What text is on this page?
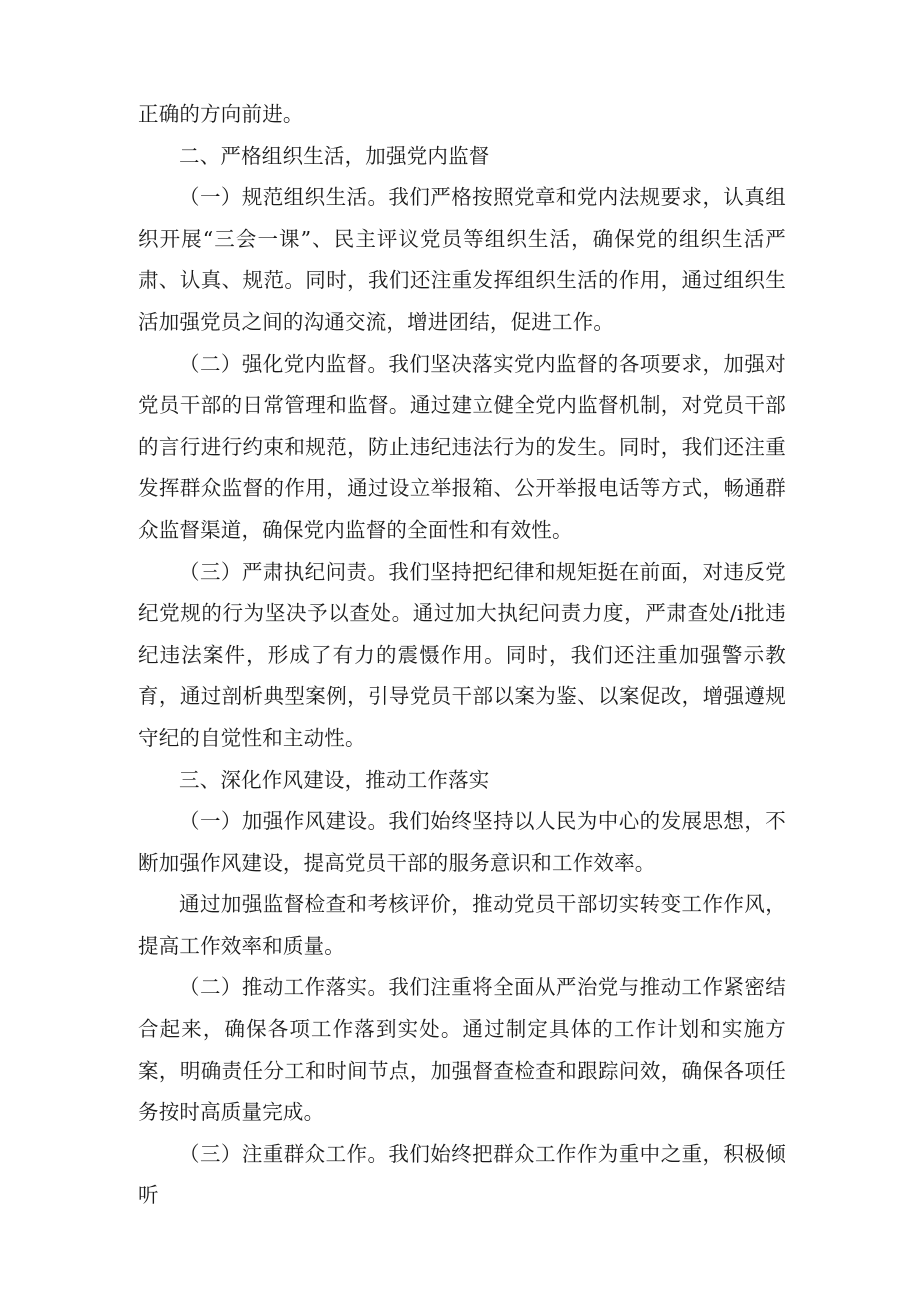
正确的方向前进。

二、严格组织生活，加强党内监督

（一）规范组织生活。我们严格按照党章和党内法规要求，认真组织开展“三会一课”、民主评议党员等组织生活，确保党的组织生活严肃、认真、规范。同时，我们还注重发挥组织生活的作用，通过组织生活加强党员之间的沟通交流，增进团结，促进工作。

（二）强化党内监督。我们坚决落实党内监督的各项要求，加强对党员干部的日常管理和监督。通过建立健全党内监督机制，对党员干部的言行进行约束和规范，防止违纪违法行为的发生。同时，我们还注重发挥群众监督的作用，通过设立举报箱、公开举报电话等方式，畅通群众监督渠道，确保党内监督的全面性和有效性。

（三）严肃执纪问责。我们坚持把纪律和规矩挺在前面，对违反党纪党规的行为坚决予以查处。通过加大执纪问责力度，严肃查处/i批违纪违法案件，形成了有力的震慑作用。同时，我们还注重加强警示教育，通过剖析典型案例，引导党员干部以案为鉴、以案促改，增强遵规守纪的自觉性和主动性。

三、深化作风建设，推动工作落实

（一）加强作风建设。我们始终坚持以人民为中心的发展思想，不断加强作风建设，提高党员干部的服务意识和工作效率。

通过加强监督检查和考核评价，推动党员干部切实转变工作作风，提高工作效率和质量。

（二）推动工作落实。我们注重将全面从严治党与推动工作紧密结合起来，确保各项工作落到实处。通过制定具体的工作计划和实施方案，明确责任分工和时间节点，加强督查检查和跟踪问效，确保各项任务按时高质量完成。

（三）注重群众工作。我们始终把群众工作作为重中之重，积极倾听
